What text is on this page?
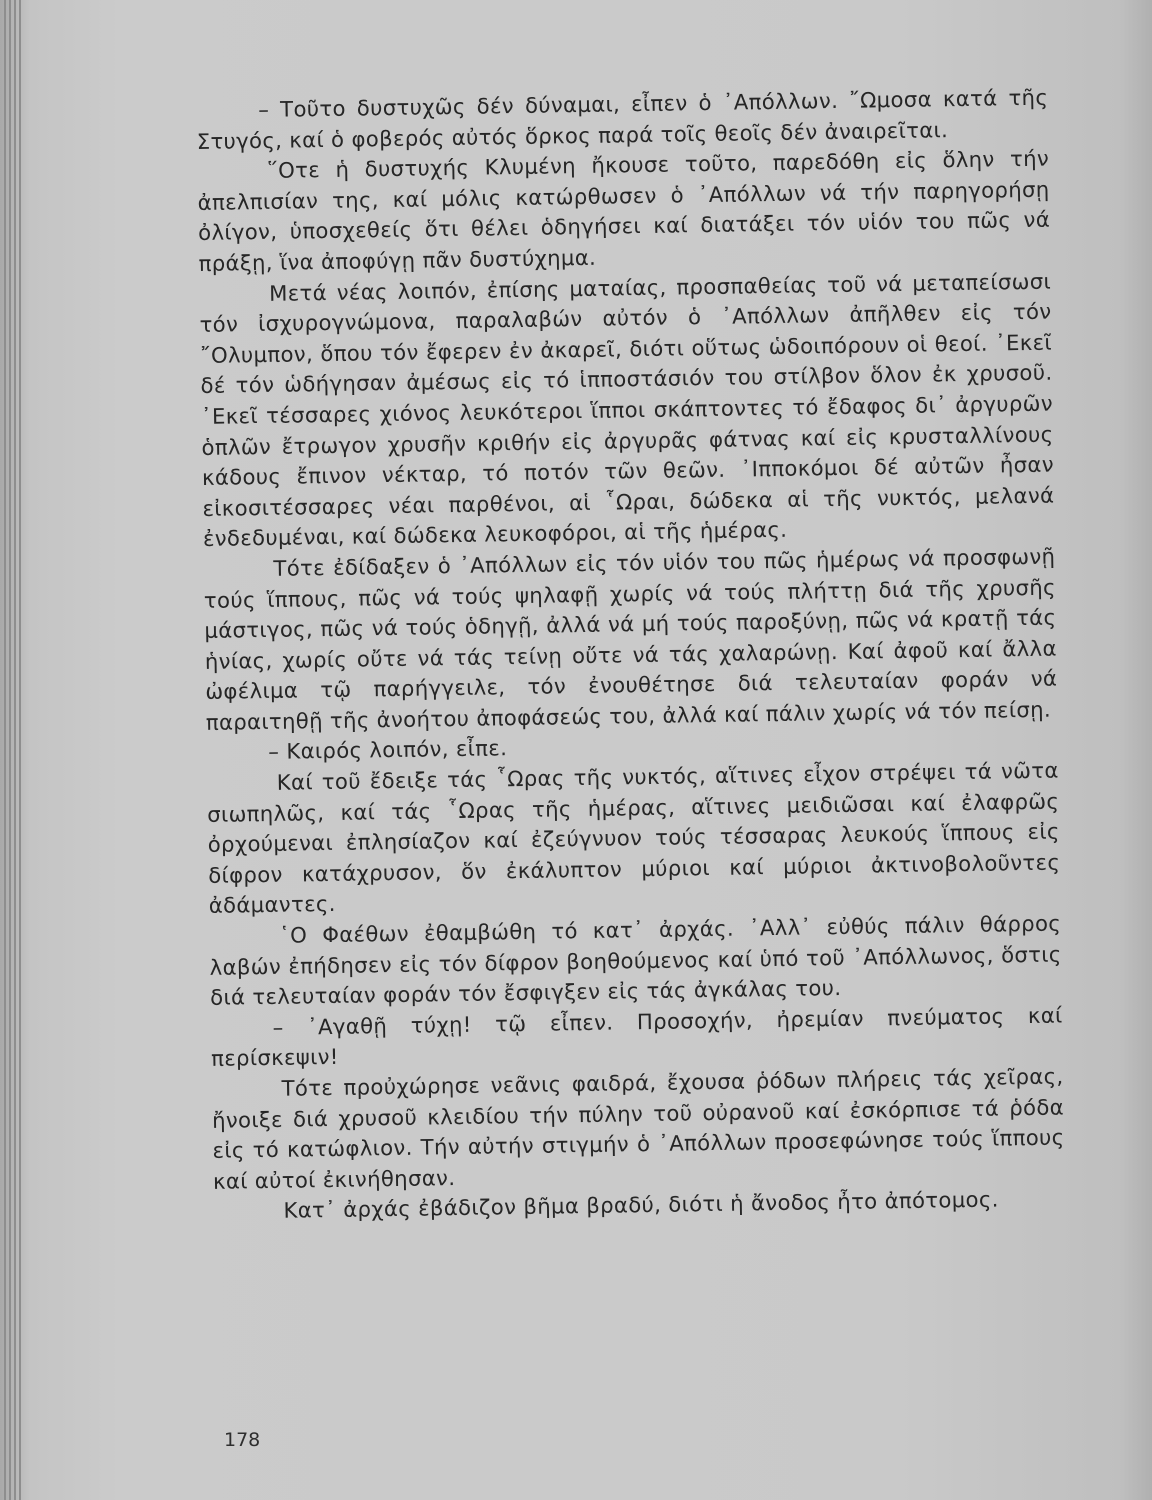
– Τοῦτο δυστυχῶς δέν δύναμαι, εἶπεν ὁ ᾿Απόλλων. ῎Ωμοσα κατά τῆς Στυγός, καί ὁ φοβερός αὐτός ὅρκος παρά τοῖς θεοῖς δέν ἀναιρεῖται.

῞Οτε ἡ δυστυχής Κλυμένη ἤκουσε τοῦτο, παρεδόθη εἰς ὅλην τήν ἀπελπισίαν της, καί μόλις κατώρθωσεν ὁ ᾿Απόλλων νά τήν παρηγορήσῃ ὀλίγον, ὑποσχεθείς ὅτι θέλει ὁδηγήσει καί διατάξει τόν υἱόν του πῶς νά πράξῃ, ἵνα ἀποφύγῃ πᾶν δυστύχημα.

Μετά νέας λοιπόν, ἐπίσης ματαίας, προσπαθείας τοῦ νά μεταπείσωσι τόν ἰσχυρογνώμονα, παραλαβών αὐτόν ὁ ᾿Απόλλων ἀπῆλθεν εἰς τόν ῎Ολυμπον, ὅπου τόν ἔφερεν ἐν ἀκαρεῖ, διότι οὕτως ὡδοιπόρουν οἱ θεοί. ᾿Εκεῖ δέ τόν ὡδήγησαν ἀμέσως εἰς τό ἱπποστάσιόν του στίλβον ὅλον ἐκ χρυσοῦ. ᾿Εκεῖ τέσσαρες χιόνος λευκότεροι ἵπποι σκάπτοντες τό ἔδαφος δι᾿ ἀργυρῶν ὁπλῶν ἔτρωγον χρυσῆν κριθήν εἰς ἀργυρᾶς φάτνας καί εἰς κρυσταλλίνους κάδους ἔπινον νέκταρ, τό ποτόν τῶν θεῶν. ᾿Ιπποκόμοι δέ αὐτῶν ἦσαν εἰκοσιτέσσαρες νέαι παρθένοι, αἱ ῟Ωραι, δώδεκα αἱ τῆς νυκτός, μελανά ἐνδεδυμέναι, καί δώδεκα λευκοφόροι, αἱ τῆς ἡμέρας.

Τότε ἐδίδαξεν ὁ ᾿Απόλλων εἰς τόν υἱόν του πῶς ἡμέρως νά προσφωνῇ τούς ἵππους, πῶς νά τούς ψηλαφῇ χωρίς νά τούς πλήττῃ διά τῆς χρυσῆς μάστιγος, πῶς νά τούς ὁδηγῇ, ἀλλά νά μή τούς παροξύνῃ, πῶς νά κρατῇ τάς ἡνίας, χωρίς οὔτε νά τάς τείνῃ οὔτε νά τάς χαλαρώνῃ. Καί ἀφοῦ καί ἄλλα ὠφέλιμα τῷ παρήγγειλε, τόν ἐνουθέτησε διά τελευταίαν φοράν νά παραιτηθῇ τῆς ἀνοήτου ἀποφάσεώς του, ἀλλά καί πάλιν χωρίς νά τόν πείσῃ.

– Καιρός λοιπόν, εἶπε.

Καί τοῦ ἔδειξε τάς ῟Ωρας τῆς νυκτός, αἵτινες εἶχον στρέψει τά νῶτα σιωπηλῶς, καί τάς ῟Ωρας τῆς ἡμέρας, αἵτινες μειδιῶσαι καί ἐλαφρῶς ὀρχούμεναι ἐπλησίαζον καί ἐζεύγνυον τούς τέσσαρας λευκούς ἵππους εἰς δίφρον κατάχρυσον, ὅν ἐκάλυπτον μύριοι καί μύριοι ἀκτινοβολοῦντες ἀδάμαντες.

῾Ο Φαέθων ἐθαμβώθη τό κατ᾿ ἀρχάς. ᾿Αλλ᾿ εὐθύς πάλιν θάρρος λαβών ἐπήδησεν εἰς τόν δίφρον βοηθούμενος καί ὑπό τοῦ ᾿Απόλλωνος, ὅστις διά τελευταίαν φοράν τόν ἔσφιγξεν εἰς τάς ἀγκάλας του.

– ᾿Αγαθῇ τύχῃ! τῷ εἶπεν. Προσοχήν, ἠρεμίαν πνεύματος καί περίσκεψιν!

Τότε προὐχώρησε νεᾶνις φαιδρά, ἔχουσα ῥόδων πλήρεις τάς χεῖρας, ἤνοιξε διά χρυσοῦ κλειδίου τήν πύλην τοῦ οὐρανοῦ καί ἐσκόρπισε τά ῥόδα εἰς τό κατώφλιον. Τήν αὐτήν στιγμήν ὁ ᾿Απόλλων προσεφώνησε τούς ἵππους καί αὐτοί ἐκινήθησαν.

Κατ᾿ ἀρχάς ἐβάδιζον βῆμα βραδύ, διότι ἡ ἄνοδος ἦτο ἀπότομος.

178
